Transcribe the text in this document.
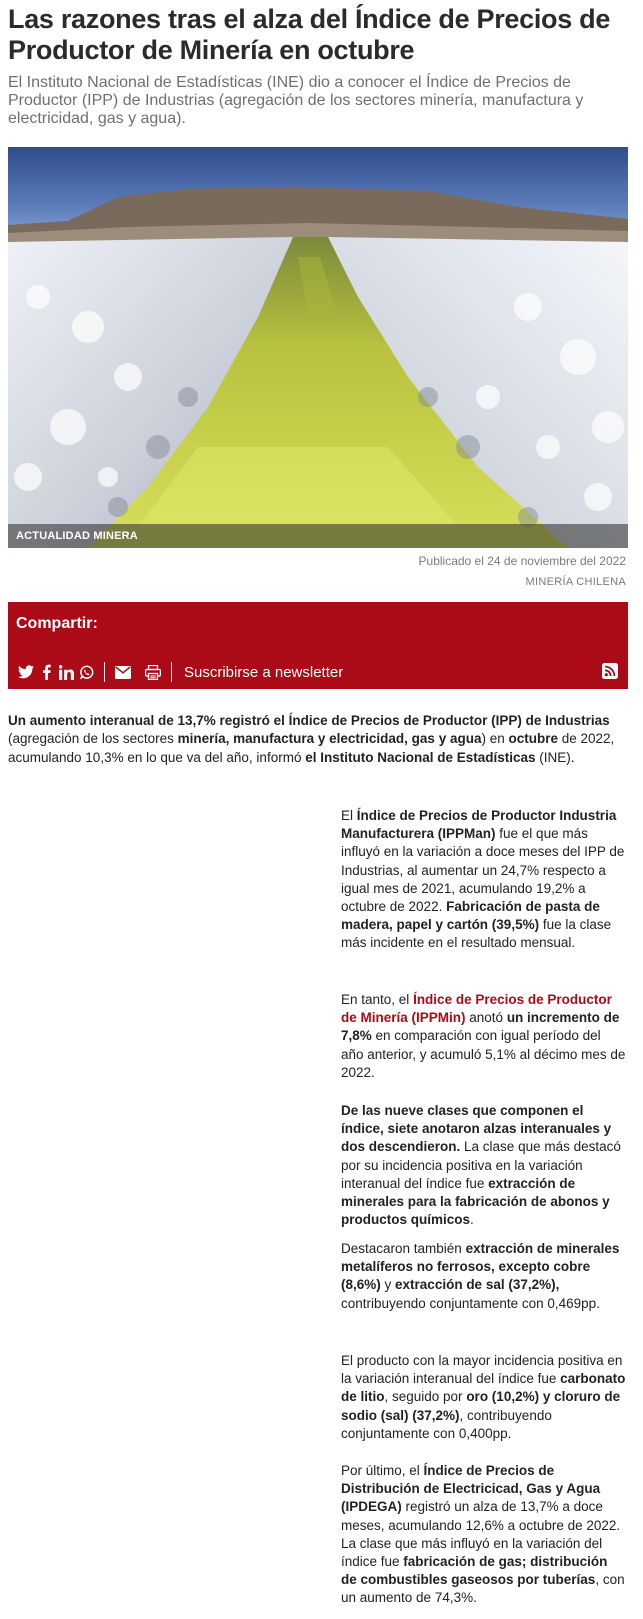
Las razones tras el alza del Índice de Precios de Productor de Minería en octubre

El Instituto Nacional de Estadísticas (INE) dio a conocer el Índice de Precios de Productor (IPP) de Industrias (agregación de los sectores minería, manufactura y electricidad, gas y agua).

ACTUALIDAD MINERA
Publicado el 24 de noviembre del 2022
MINERÍA CHILENA
Compartir:
Suscribirse a newsletter

Un aumento interanual de 13,7% registró el Índice de Precios de Productor (IPP) de Industrias (agregación de los sectores minería, manufactura y electricidad, gas y agua) en octubre de 2022, acumulando 10,3% en lo que va del año, informó el Instituto Nacional de Estadísticas (INE).

El Índice de Precios de Productor Industria Manufacturera (IPPMan) fue el que más influyó en la variación a doce meses del IPP de Industrias, al aumentar un 24,7% respecto a igual mes de 2021, acumulando 19,2% a octubre de 2022. Fabricación de pasta de madera, papel y cartón (39,5%) fue la clase más incidente en el resultado mensual.

En tanto, el Índice de Precios de Productor de Minería (IPPMin) anotó un incremento de 7,8% en comparación con igual período del año anterior, y acumuló 5,1% al décimo mes de 2022.

De las nueve clases que componen el índice, siete anotaron alzas interanuales y dos descendieron. La clase que más destacó por su incidencia positiva en la variación interanual del índice fue extracción de minerales para la fabricación de abonos y productos químicos.

Destacaron también extracción de minerales metalíferos no ferrosos, excepto cobre (8,6%) y extracción de sal (37,2%), contribuyendo conjuntamente con 0,469pp.

El producto con la mayor incidencia positiva en la variación interanual del índice fue carbonato de litio, seguido por oro (10,2%) y cloruro de sodio (sal) (37,2%), contribuyendo conjuntamente con 0,400pp.

Por último, el Índice de Precios de Distribución de Electricicad, Gas y Agua (IPDEGA) registró un alza de 13,7% a doce meses, acumulando 12,6% a octubre de 2022. La clase que más influyó en la variación del índice fue fabricación de gas; distribución de combustibles gaseosos por tuberías, con un aumento de 74,3%.
